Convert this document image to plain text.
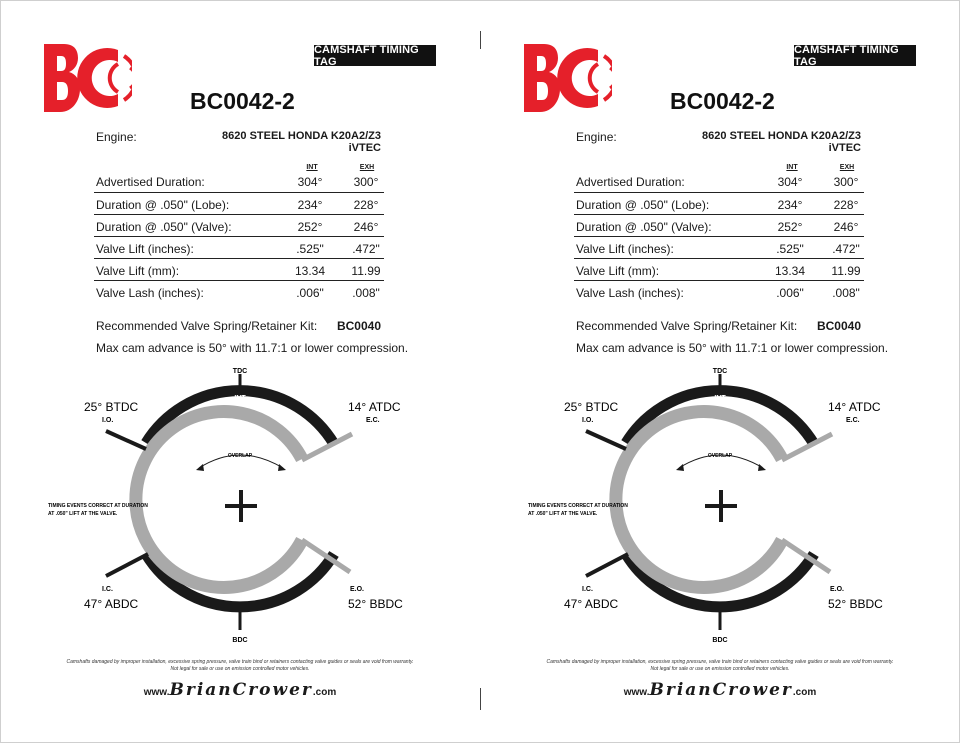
CAMSHAFT TIMING TAG
BC0042-2
Engine:	8620 STEEL HONDA K20A2/Z3 iVTEC
INT	EXH
Advertised Duration:	304°	300°
Duration @ .050" (Lobe):	234°	228°
Duration @ .050" (Valve):	252°	246°
Valve Lift (inches):	.525"	.472"
Valve Lift (mm):	13.34	11.99
Valve Lash (inches):	.006"	.008"
Recommended Valve Spring/Retainer Kit:	BC0040
Max cam advance is 50° with 11.7:1 or lower compression.
TDC
BDC
INT
EXH
OVERLAP
25° BTDC
I.O.
14° ATDC
E.C.
I.C.
47° ABDC
E.O.
52° BBDC
TIMING EVENTS CORRECT AT DURATION
AT .050" LIFT AT THE VALVE.
Camshafts damaged by improper installation, excessive spring pressure, valve train bind or retainers contacting valve guides or seals are void from warranty.
Not legal for sale or use on emission controlled motor vehicles.
www.BrianCrower.com
CAMSHAFT TIMING TAG
BC0042-2
Engine:	8620 STEEL HONDA K20A2/Z3 iVTEC
INT	EXH
Advertised Duration:	304°	300°
Duration @ .050" (Lobe):	234°	228°
Duration @ .050" (Valve):	252°	246°
Valve Lift (inches):	.525"	.472"
Valve Lift (mm):	13.34	11.99
Valve Lash (inches):	.006"	.008"
Recommended Valve Spring/Retainer Kit:	BC0040
Max cam advance is 50° with 11.7:1 or lower compression.
TDC
BDC
INT
EXH
OVERLAP
25° BTDC
I.O.
14° ATDC
E.C.
I.C.
47° ABDC
E.O.
52° BBDC
TIMING EVENTS CORRECT AT DURATION
AT .050" LIFT AT THE VALVE.
Camshafts damaged by improper installation, excessive spring pressure, valve train bind or retainers contacting valve guides or seals are void from warranty.
Not legal for sale or use on emission controlled motor vehicles.
www.BrianCrower.com
